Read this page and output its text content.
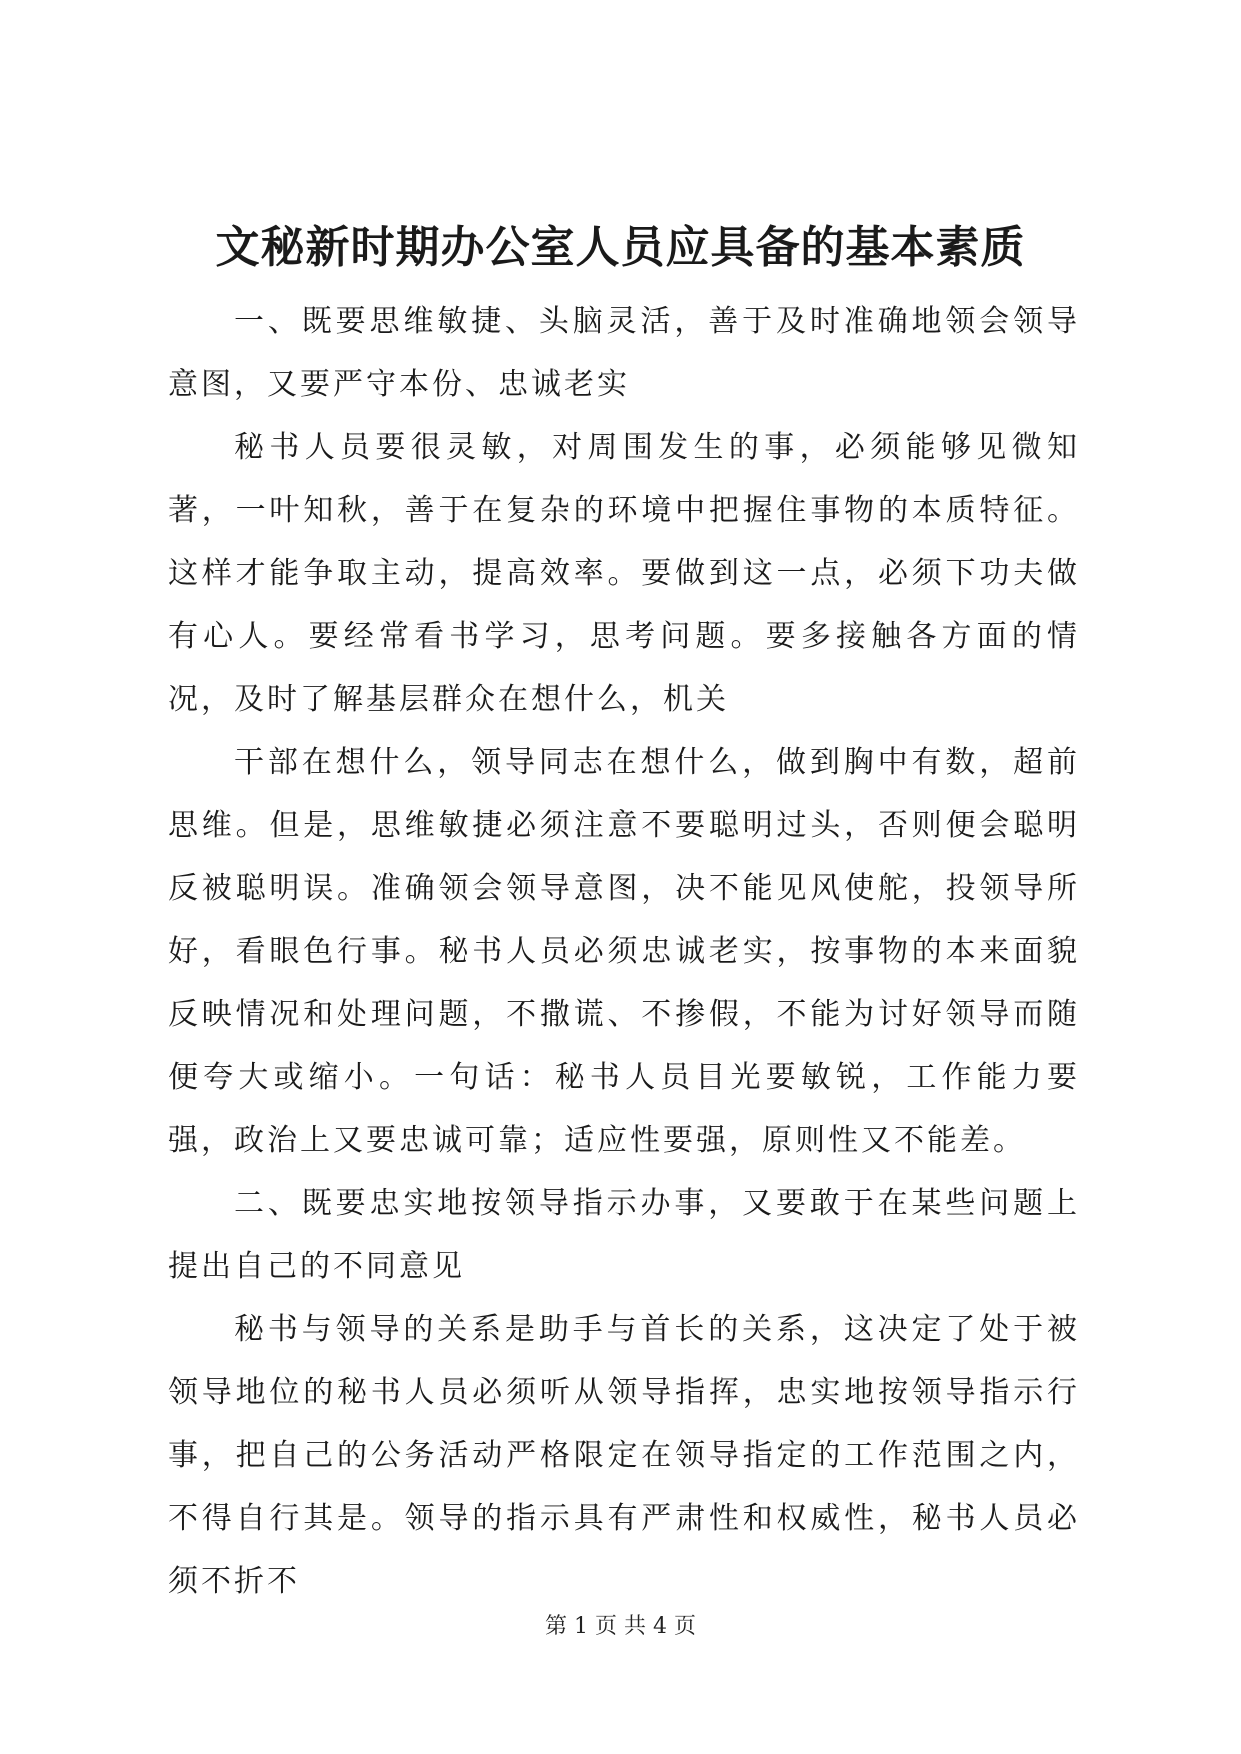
文秘新时期办公室人员应具备的基本素质

一、既要思维敏捷、头脑灵活，善于及时准确地领会领导意图，又要严守本份、忠诚老实

秘书人员要很灵敏，对周围发生的事，必须能够见微知著，一叶知秋，善于在复杂的环境中把握住事物的本质特征。这样才能争取主动，提高效率。要做到这一点，必须下功夫做有心人。要经常看书学习，思考问题。要多接触各方面的情况，及时了解基层群众在想什么，机关

干部在想什么，领导同志在想什么，做到胸中有数，超前思维。但是，思维敏捷必须注意不要聪明过头，否则便会聪明反被聪明误。准确领会领导意图，决不能见风使舵，投领导所好，看眼色行事。秘书人员必须忠诚老实，按事物的本来面貌反映情况和处理问题，不撒谎、不掺假，不能为讨好领导而随便夸大或缩小。一句话：秘书人员目光要敏锐，工作能力要强，政治上又要忠诚可靠；适应性要强，原则性又不能差。

二、既要忠实地按领导指示办事，又要敢于在某些问题上提出自己的不同意见

秘书与领导的关系是助手与首长的关系，这决定了处于被领导地位的秘书人员必须听从领导指挥，忠实地按领导指示行事，把自己的公务活动严格限定在领导指定的工作范围之内，不得自行其是。领导的指示具有严肃性和权威性，秘书人员必须不折不

第 1 页 共 4 页
